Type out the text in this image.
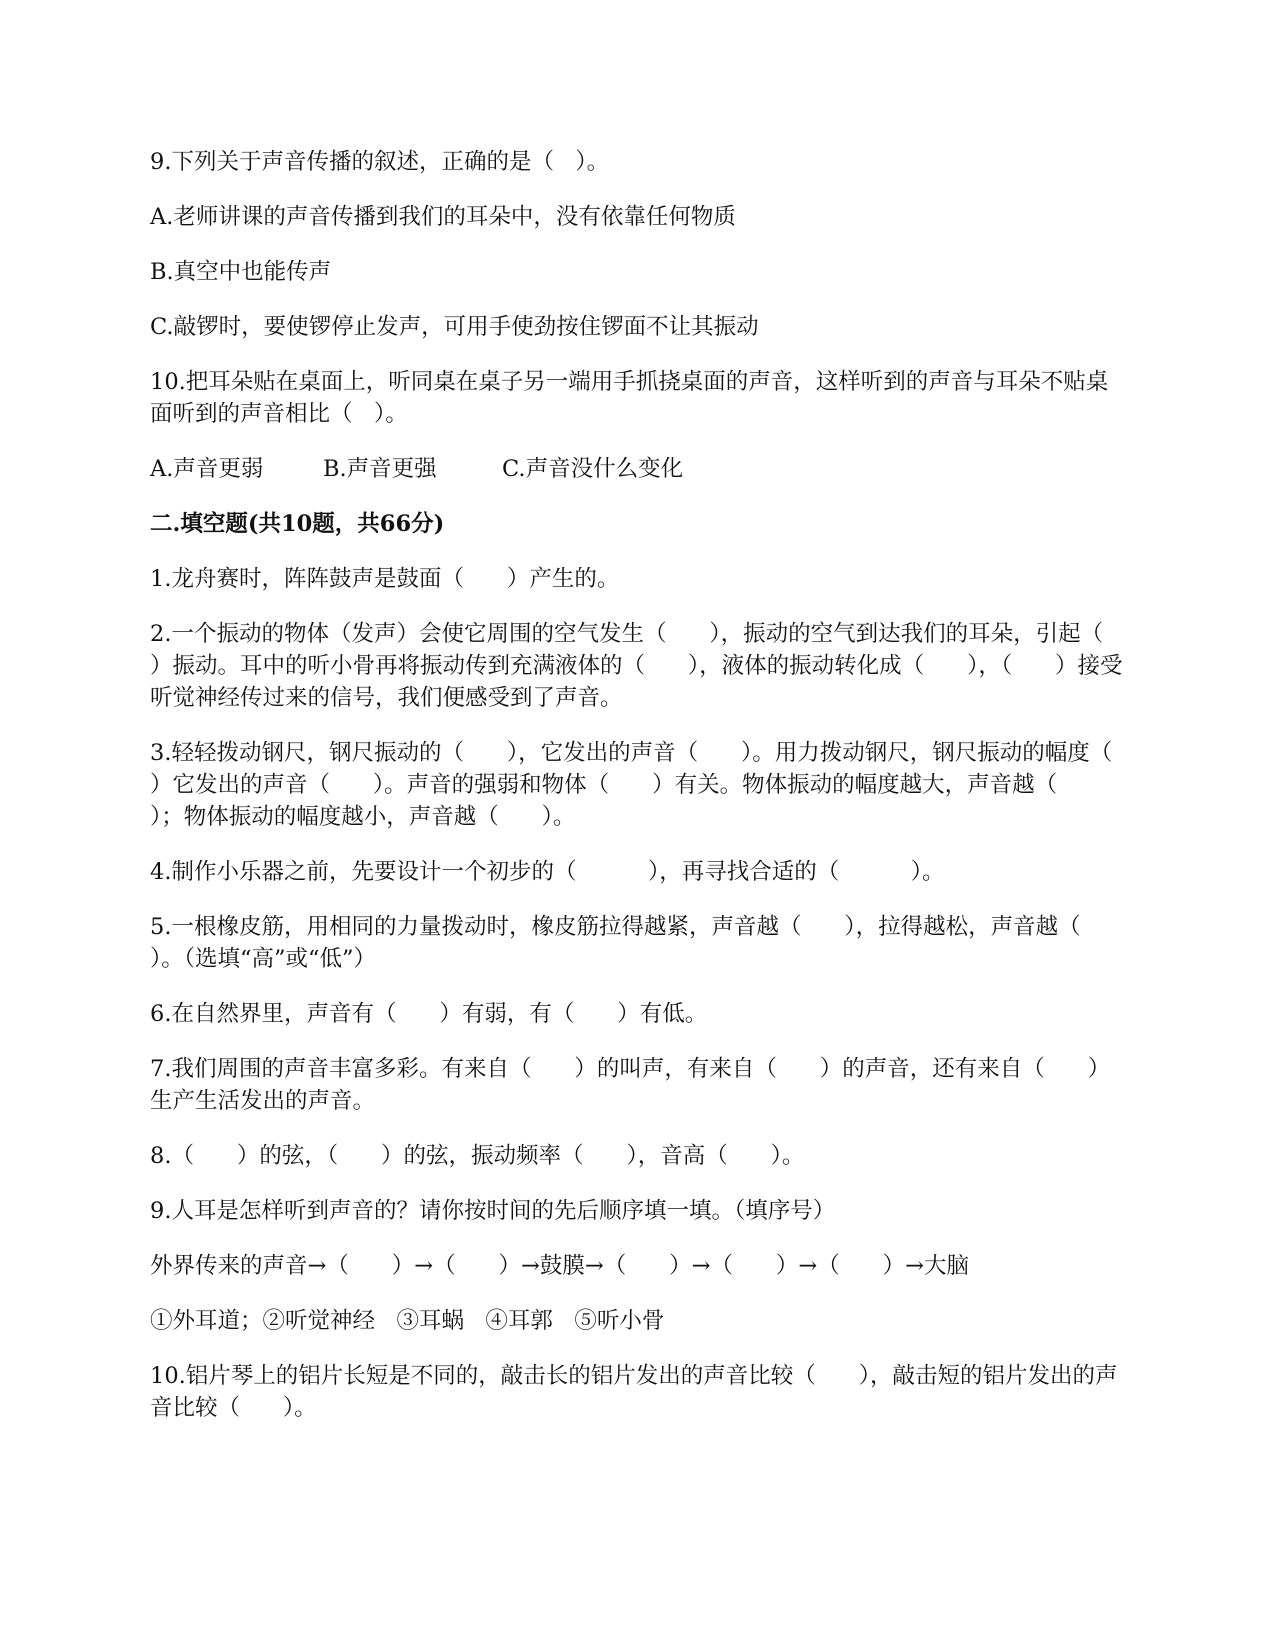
9.下列关于声音传播的叙述，正确的是（   ）。

A.老师讲课的声音传播到我们的耳朵中，没有依靠任何物质

B.真空中也能传声

C.敲锣时，要使锣停止发声，可用手使劲按住锣面不让其振动

10.把耳朵贴在桌面上，听同桌在桌子另一端用手抓挠桌面的声音，这样听到的声音与耳朵不贴桌面听到的声音相比（   ）。

A.声音更弱	B.声音更强	C.声音没什么变化

二.填空题(共10题，共66分)

1.龙舟赛时，阵阵鼓声是鼓面（      ）产生的。

2.一个振动的物体（发声）会使它周围的空气发生（      ），振动的空气到达我们的耳朵，引起（      ）振动。耳中的听小骨再将振动传到充满液体的（      ），液体的振动转化成（      ），（      ）接受听觉神经传过来的信号，我们便感受到了声音。

3.轻轻拨动钢尺，钢尺振动的（      ），它发出的声音（      ）。用力拨动钢尺，钢尺振动的幅度（      ）它发出的声音（      ）。声音的强弱和物体（      ）有关。物体振动的幅度越大，声音越（      ）；物体振动的幅度越小，声音越（      ）。

4.制作小乐器之前，先要设计一个初步的（          ），再寻找合适的（          ）。

5.一根橡皮筋，用相同的力量拨动时，橡皮筋拉得越紧，声音越（      ），拉得越松，声音越（      ）。（选填“高”或“低”）

6.在自然界里，声音有（      ）有弱，有（      ）有低。

7.我们周围的声音丰富多彩。有来自（      ）的叫声，有来自（      ）的声音，还有来自（      ）生产生活发出的声音。

8.（      ）的弦，（      ）的弦，振动频率（      ），音高（      ）。

9.人耳是怎样听到声音的？请你按时间的先后顺序填一填。（填序号）

外界传来的声音→（      ）→（      ）→鼓膜→（      ）→（      ）→（      ）→大脑

①外耳道；②听觉神经   ③耳蜗   ④耳郭   ⑤听小骨

10.铝片琴上的铝片长短是不同的，敲击长的铝片发出的声音比较（      ），敲击短的铝片发出的声音比较（      ）。
